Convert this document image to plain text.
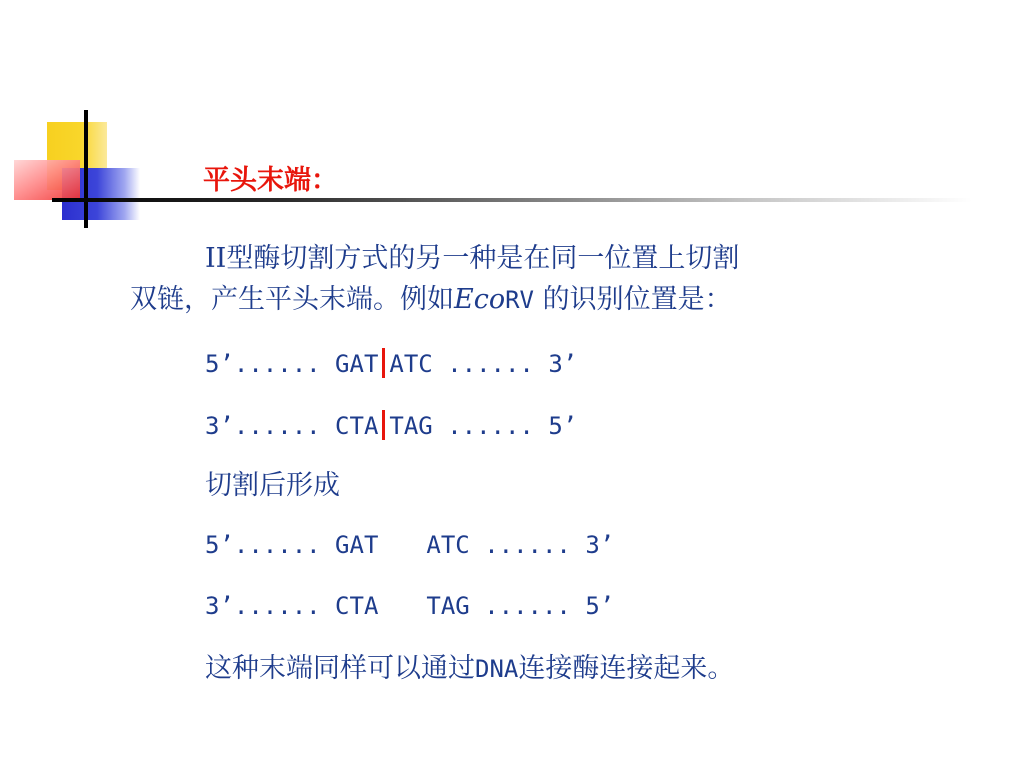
平头末端：
II型酶切割方式的另一种是在同一位置上切割
双链，产生平头末端。例如EcoRV 的识别位置是：
5’...... GAT ATC ...... 3’
3’...... CTA TAG ...... 5’
切割后形成
5’...... GAT ATC ...... 3’
3’...... CTA TAG ...... 5’
这种末端同样可以通过DNA连接酶连接起来。
